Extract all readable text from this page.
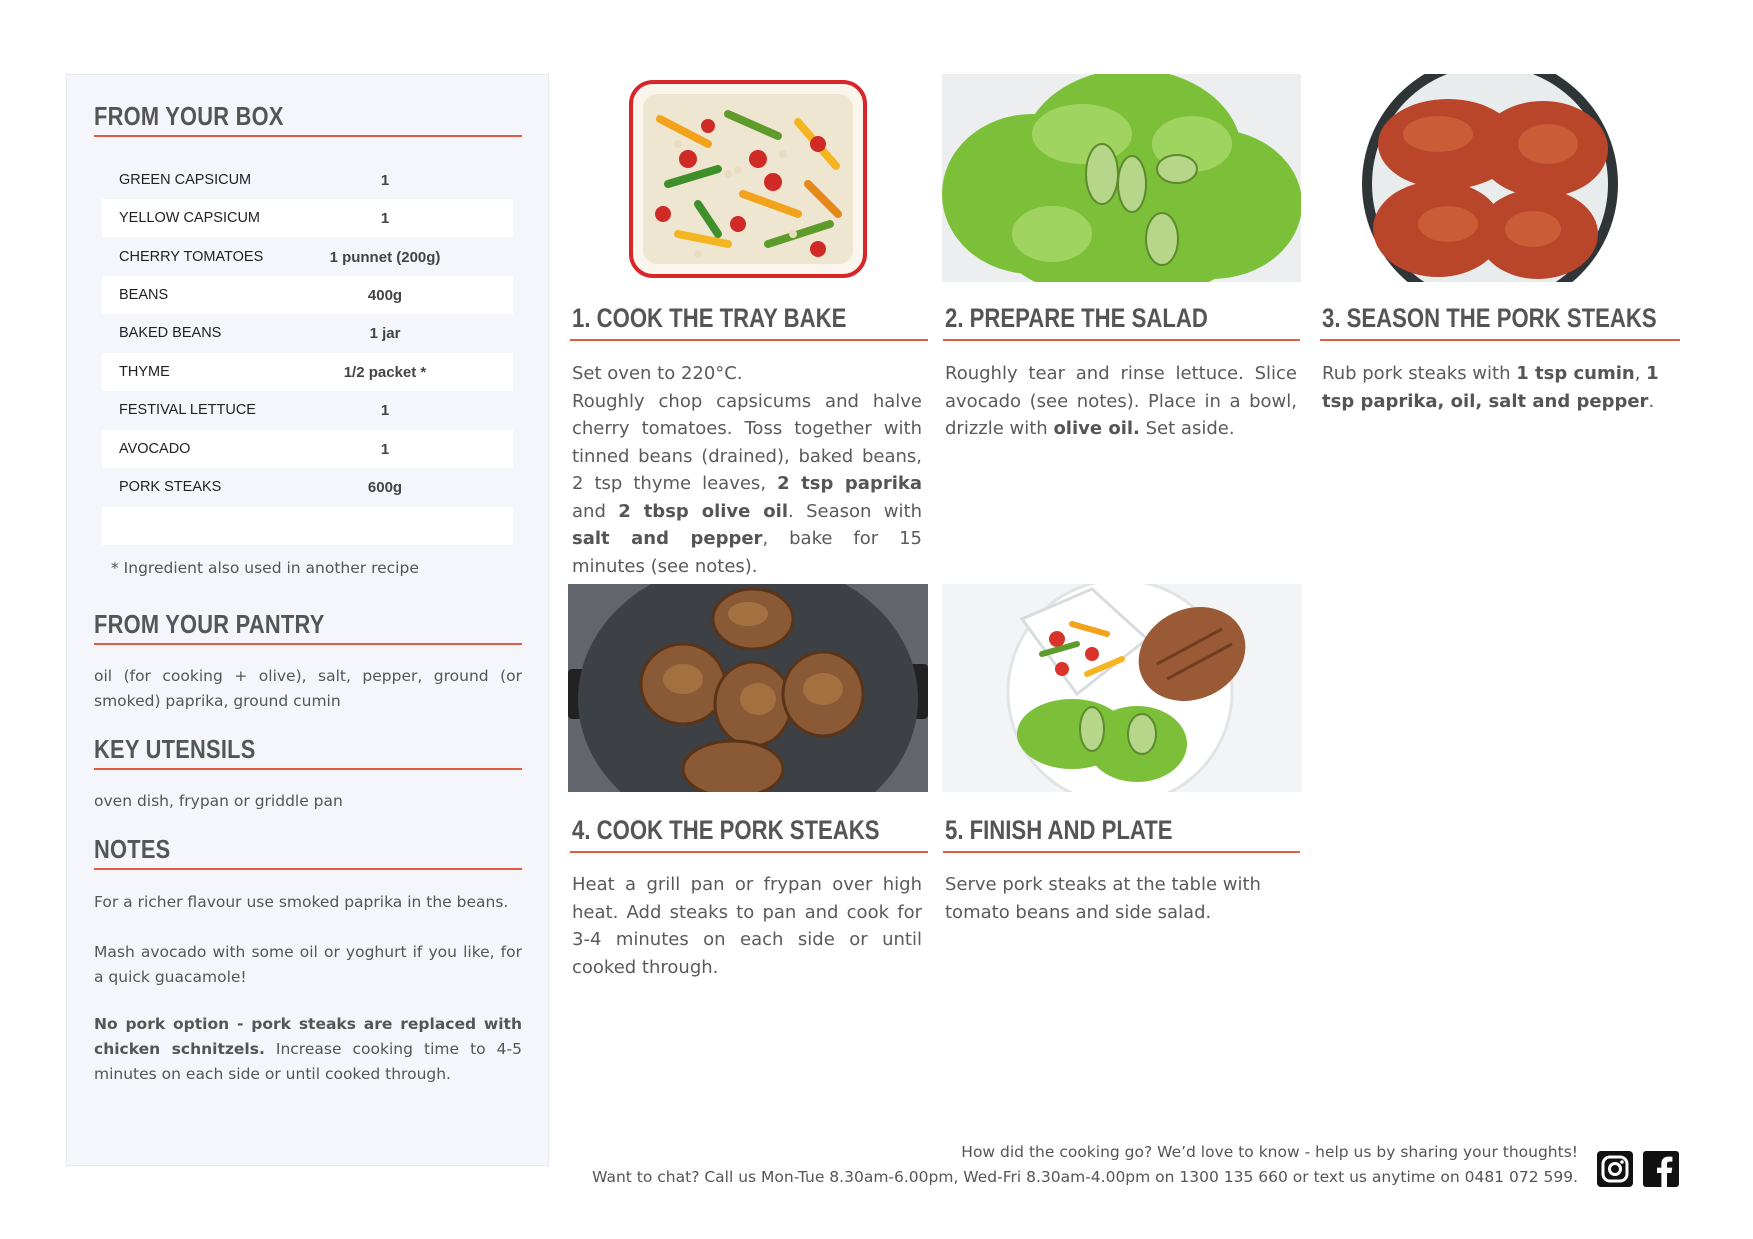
FROM YOUR BOX
GREEN CAPSICUM	1
YELLOW CAPSICUM	1
CHERRY TOMATOES	1 punnet (200g)
BEANS	400g
BAKED BEANS	1 jar
THYME	1/2 packet *
FESTIVAL LETTUCE	1
AVOCADO	1
PORK STEAKS	600g
* Ingredient also used in another recipe
FROM YOUR PANTRY
oil (for cooking + olive), salt, pepper, ground (or smoked) paprika, ground cumin
KEY UTENSILS
oven dish, frypan or griddle pan
NOTES
For a richer flavour use smoked paprika in the beans.
Mash avocado with some oil or yoghurt if you like, for a quick guacamole!
No pork option - pork steaks are replaced with chicken schnitzels. Increase cooking time to 4-5 minutes on each side or until cooked through.
1. COOK THE TRAY BAKE
Set oven to 220°C.
Roughly chop capsicums and halve cherry tomatoes. Toss together with tinned beans (drained), baked beans, 2 tsp thyme leaves, 2 tsp paprika and 2 tbsp olive oil. Season with salt and pepper, bake for 15 minutes (see notes).
2. PREPARE THE SALAD
Roughly tear and rinse lettuce. Slice avocado (see notes). Place in a bowl, drizzle with olive oil. Set aside.
3. SEASON THE PORK STEAKS
Rub pork steaks with 1 tsp cumin, 1 tsp paprika, oil, salt and pepper.
4. COOK THE PORK STEAKS
Heat a grill pan or frypan over high heat. Add steaks to pan and cook for 3-4 minutes on each side or until cooked through.
5. FINISH AND PLATE
Serve pork steaks at the table with tomato beans and side salad.
How did the cooking go? We’d love to know - help us by sharing your thoughts!
Want to chat? Call us Mon-Tue 8.30am-6.00pm, Wed-Fri 8.30am-4.00pm on 1300 135 660 or text us anytime on 0481 072 599.
